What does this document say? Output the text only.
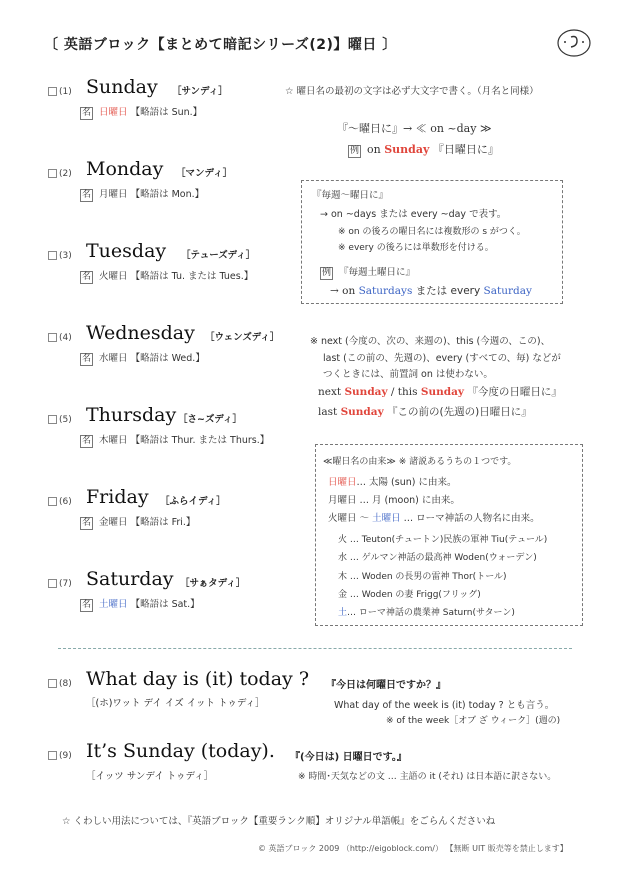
〔 英語ブロック【まとめて暗記シリーズ(2)】曜日 〕
(1) Sunday ［サンディ］
名 日曜日 【略語は Sun.】
(2) Monday ［マンディ］
名 月曜日 【略語は Mon.】
(3) Tuesday ［テューズディ］
名 火曜日 【略語は Tu. または Tues.】
(4) Wednesday ［ウェンズディ］
名 水曜日 【略語は Wed.】
(5) Thursday ［さ~ズディ］
名 木曜日 【略語は Thur. または Thurs.】
(6) Friday ［ふらイディ］
名 金曜日 【略語は Fri.】
(7) Saturday ［サぁタディ］
名 土曜日 【略語は Sat.】
☆ 曜日名の最初の文字は必ず大文字で書く。（月名と同様）
『～曜日に』→ ≪ on ~day ≫
例 on Sunday 『日曜日に』
『毎週～曜日に』
→ on ~days または every ~day で表す。
※ on の後ろの曜日名には複数形の s がつく。
※ every の後ろには単数形を付ける。
例 『毎週土曜日に』
→ on Saturdays または every Saturday
※ next (今度の、次の、来週の)、this (今週の、この)、
last (この前の、先週の)、every (すべての、毎) などが
つくときには、前置詞 on は使わない。
next Sunday / this Sunday 『今度の日曜日に』
last Sunday 『この前の(先週の)日曜日に』
≪曜日名の由来≫ ※ 諸説あるうちの１つです。
日曜日… 太陽 (sun) に由来。
月曜日 … 月 (moon) に由来。
火曜日 ～ 土曜日 … ローマ神話の人物名に由来。
火 … Teuton(チュートン)民族の軍神 Tiu(テュール)
水 … ゲルマン神話の最高神 Woden(ウォーデン)
木 … Woden の長男の雷神 Thor(トール)
金 … Woden の妻 Frigg(フリッグ)
土… ローマ神話の農業神 Saturn(サターン)
(8) What day is (it) today ? 『今日は何曜日ですか？』
［(ホ)ワット デイ イズ イット トゥディ］	What day of the week is (it) today ? とも言う。
※ of the week［オブ ざ ウィーク］(週の)
(9) It’s Sunday (today). 『(今日は) 日曜日です。』
［イッツ サンデイ トゥディ］	※ 時間･天気などの文 … 主語の it (それ) は日本語に訳さない。
☆ くわしい用法については、『英語ブロック【重要ランク順】オリジナル単語帳』をごらんくださいね
© 英語ブロック 2009 （http://eigoblock.com/） 【無断 UIT 販売等を禁止します】
